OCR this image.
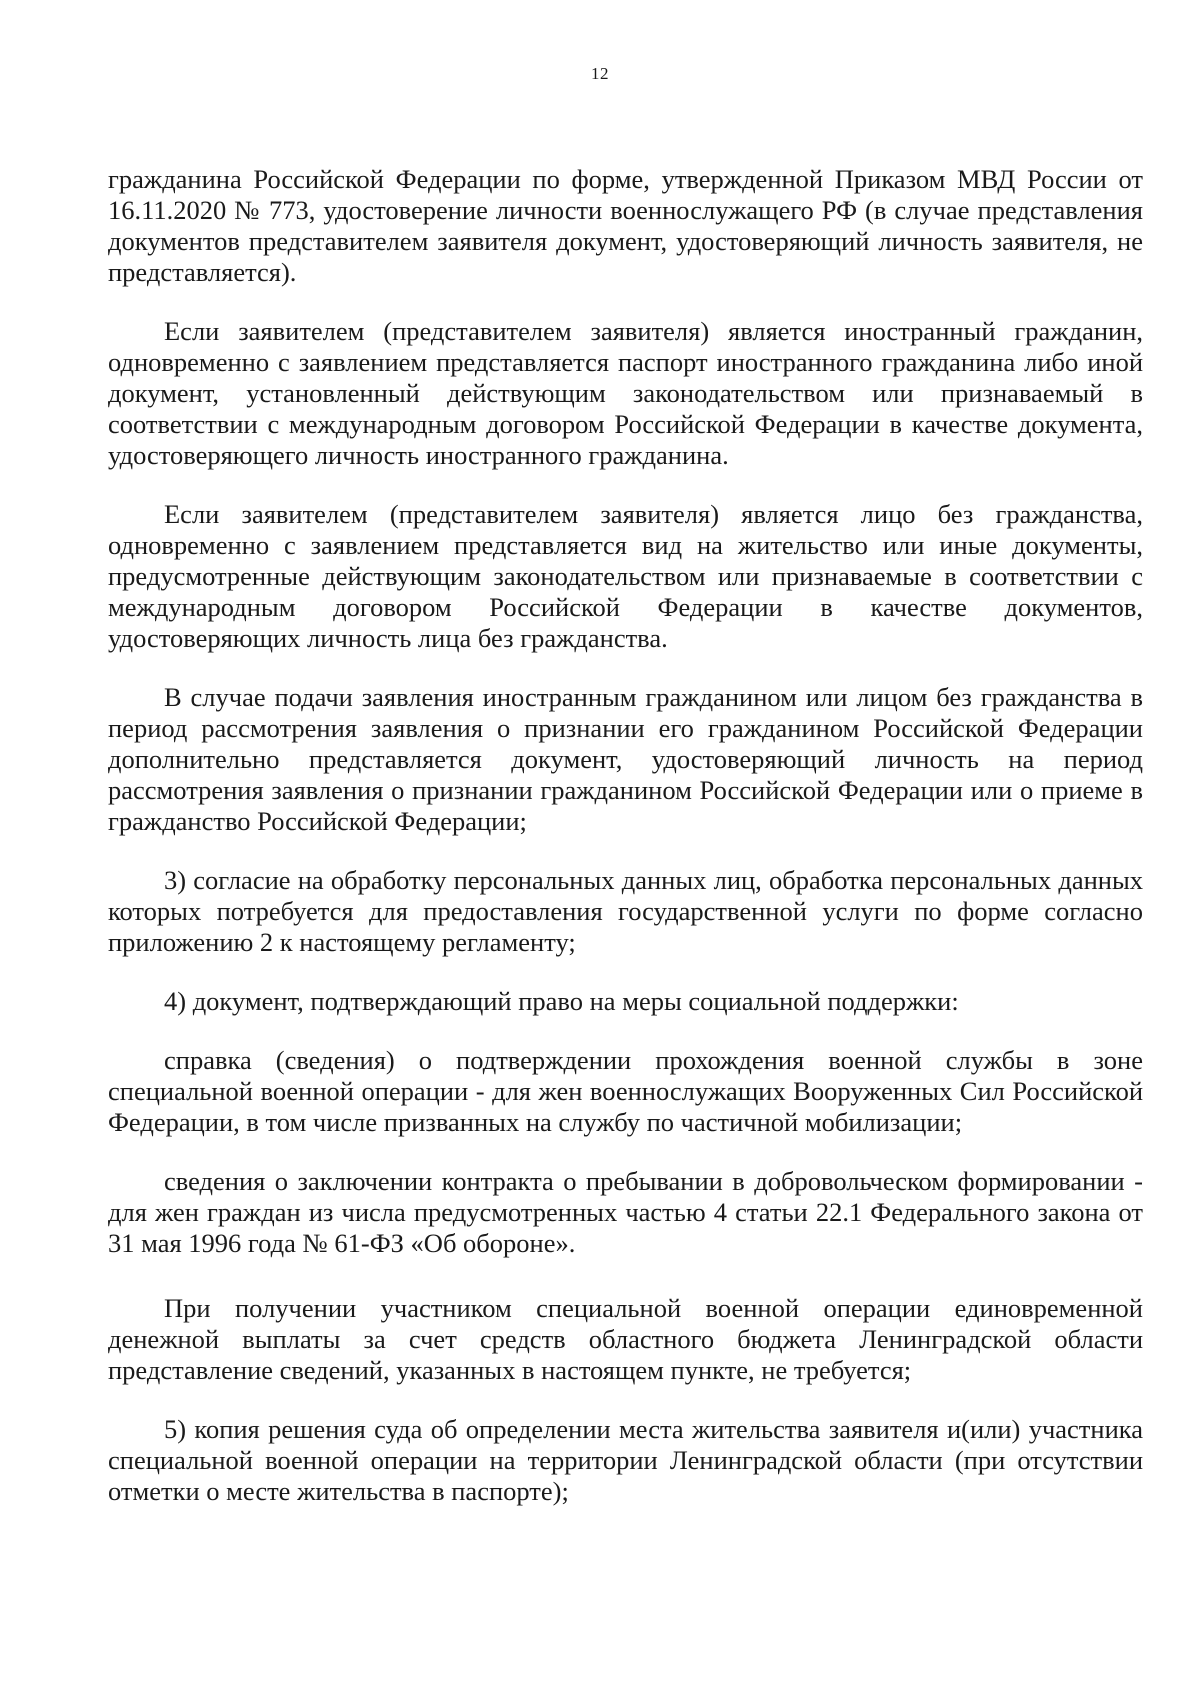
12

гражданина Российской Федерации по форме, утвержденной Приказом МВД России от 16.11.2020 № 773, удостоверение личности военнослужащего РФ (в случае представления документов представителем заявителя документ, удостоверяющий личность заявителя, не представляется).

Если заявителем (представителем заявителя) является иностранный гражданин, одновременно с заявлением представляется паспорт иностранного гражданина либо иной документ, установленный действующим законодательством или признаваемый в соответствии с международным договором Российской Федерации в качестве документа, удостоверяющего личность иностранного гражданина.

Если заявителем (представителем заявителя) является лицо без гражданства, одновременно с заявлением представляется вид на жительство или иные документы, предусмотренные действующим законодательством или признаваемые в соответствии с международным договором Российской Федерации в качестве документов, удостоверяющих личность лица без гражданства.

В случае подачи заявления иностранным гражданином или лицом без гражданства в период рассмотрения заявления о признании его гражданином Российской Федерации дополнительно представляется документ, удостоверяющий личность на период рассмотрения заявления о признании гражданином Российской Федерации или о приеме в гражданство Российской Федерации;

3) согласие на обработку персональных данных лиц, обработка персональных данных которых потребуется для предоставления государственной услуги по форме согласно приложению 2 к настоящему регламенту;

4) документ, подтверждающий право на меры социальной поддержки:

справка (сведения) о подтверждении прохождения военной службы в зоне специальной военной операции - для жен военнослужащих Вооруженных Сил Российской Федерации, в том числе призванных на службу по частичной мобилизации;

сведения о заключении контракта о пребывании в добровольческом формировании - для жен граждан из числа предусмотренных частью 4 статьи 22.1 Федерального закона от 31 мая 1996 года № 61-ФЗ «Об обороне».

При получении участником специальной военной операции единовременной денежной выплаты за счет средств областного бюджета Ленинградской области представление сведений, указанных в настоящем пункте, не требуется;

5) копия решения суда об определении места жительства заявителя и(или) участника специальной военной операции на территории Ленинградской области (при отсутствии отметки о месте жительства в паспорте);
